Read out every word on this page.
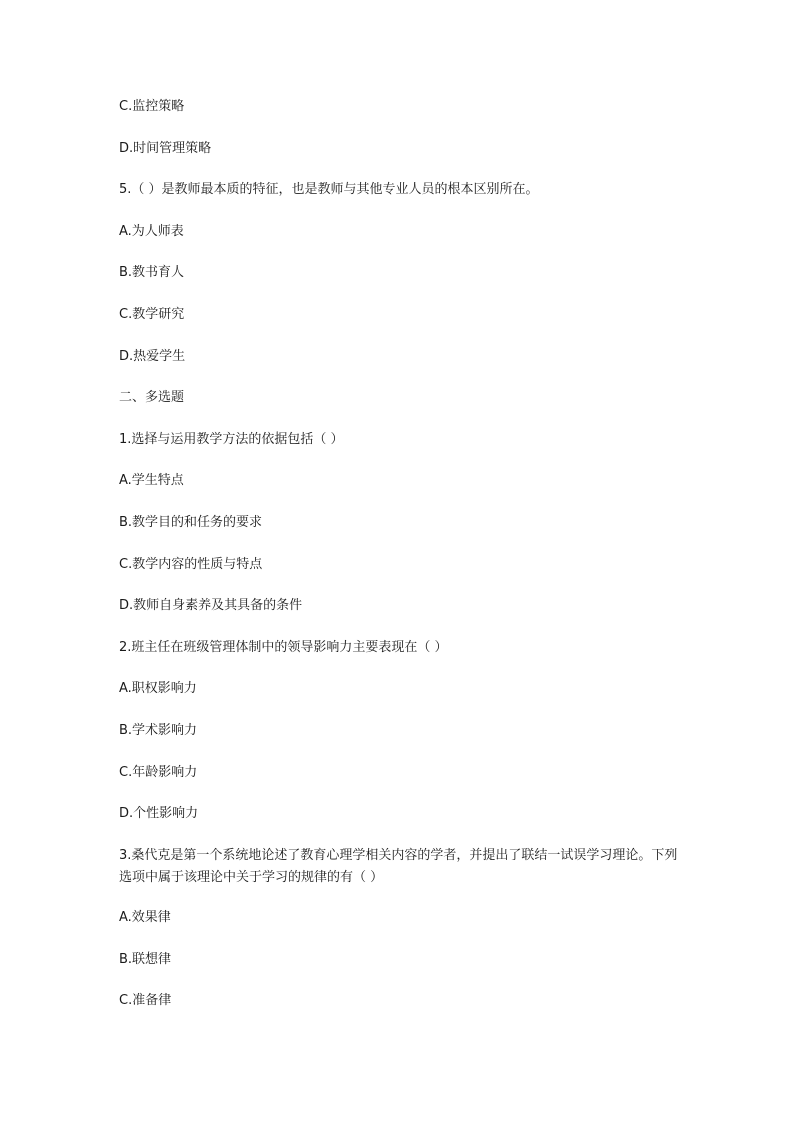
C.监控策略
D.时间管理策略
5.（ ）是教师最本质的特征，也是教师与其他专业人员的根本区别所在。
A.为人师表
B.教书育人
C.教学研究
D.热爱学生
二、多选题
1.选择与运用教学方法的依据包括（ ）
A.学生特点
B.教学目的和任务的要求
C.教学内容的性质与特点
D.教师自身素养及其具备的条件
2.班主任在班级管理体制中的领导影响力主要表现在（ ）
A.职权影响力
B.学术影响力
C.年龄影响力
D.个性影响力
3.桑代克是第一个系统地论述了教育心理学相关内容的学者，并提出了联结一试误学习理论。下列选项中属于该理论中关于学习的规律的有（ ）
A.效果律
B.联想律
C.准备律
